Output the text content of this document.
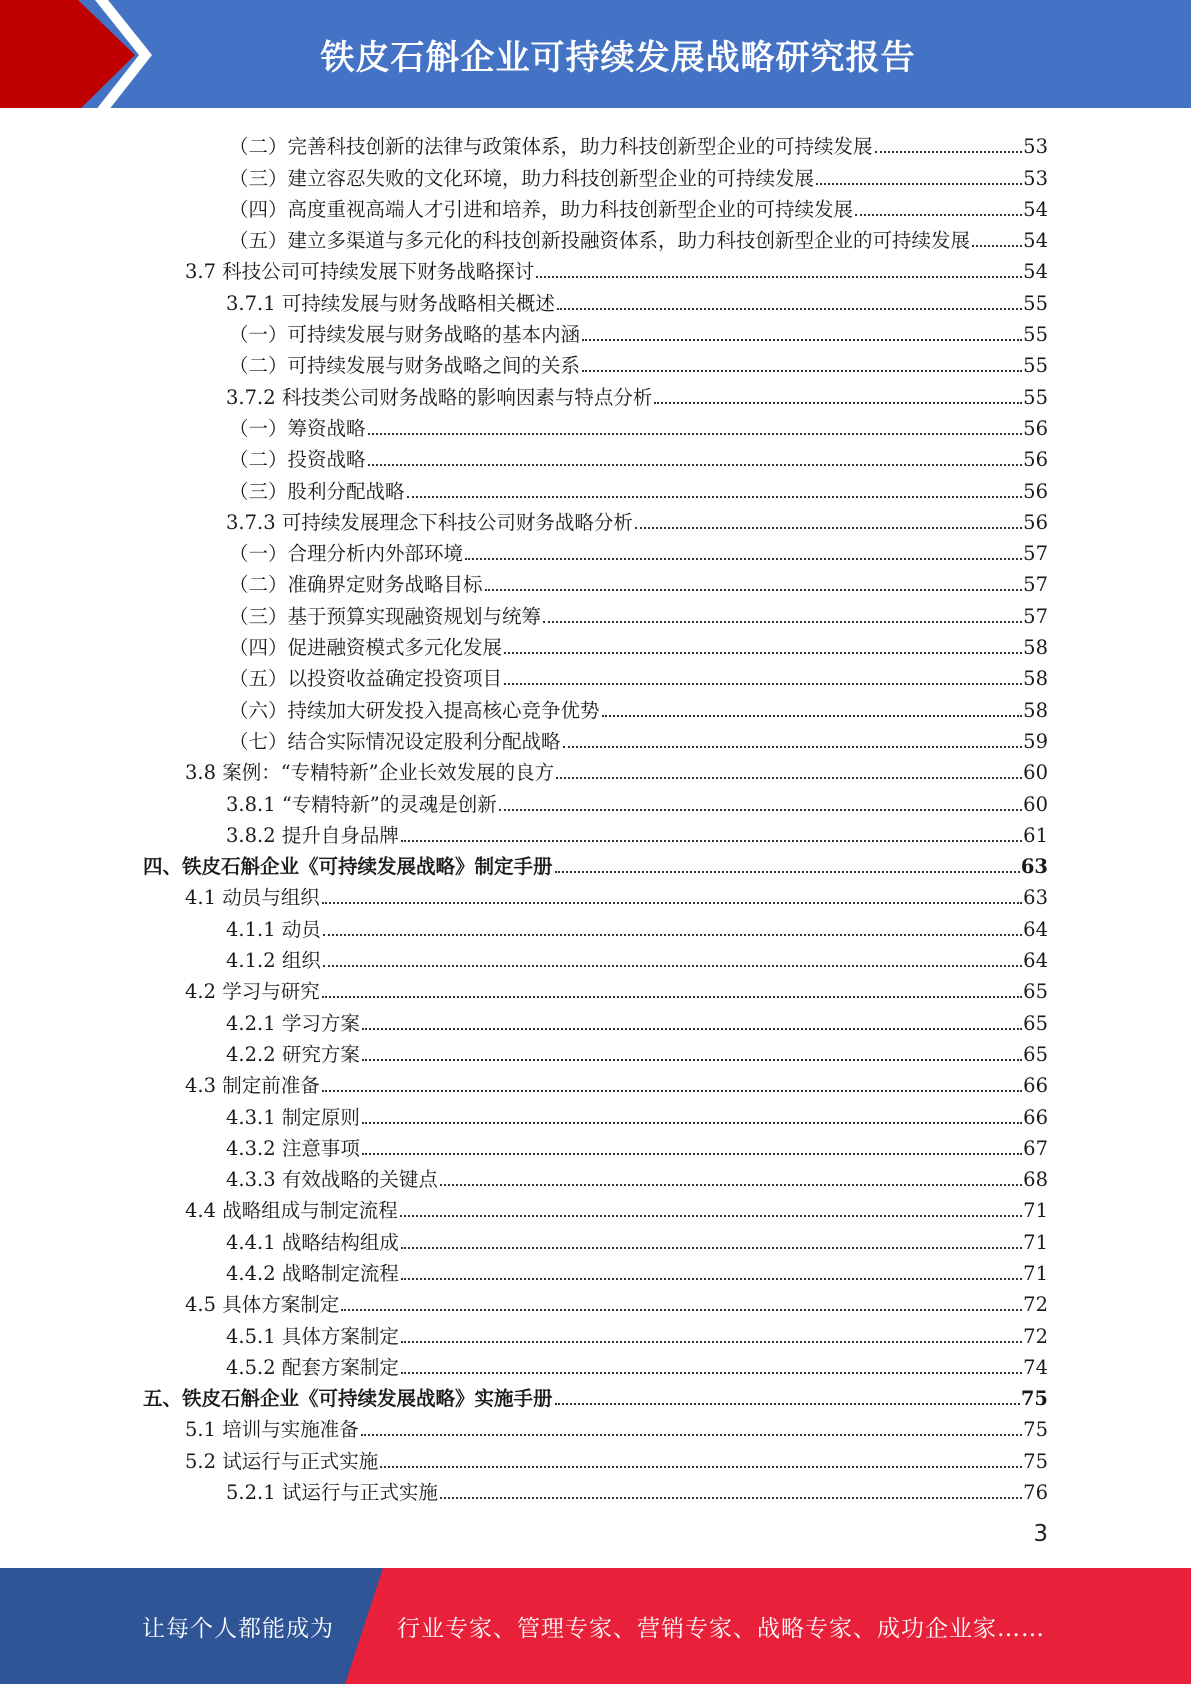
铁皮石斛企业可持续发展战略研究报告
（二）完善科技创新的法律与政策体系，助力科技创新型企业的可持续发展	53
（三）建立容忍失败的文化环境，助力科技创新型企业的可持续发展	53
（四）高度重视高端人才引进和培养，助力科技创新型企业的可持续发展	54
（五）建立多渠道与多元化的科技创新投融资体系，助力科技创新型企业的可持续发展	54
3.7 科技公司可持续发展下财务战略探讨	54
3.7.1 可持续发展与财务战略相关概述	55
（一）可持续发展与财务战略的基本内涵	55
（二）可持续发展与财务战略之间的关系	55
3.7.2 科技类公司财务战略的影响因素与特点分析	55
（一）筹资战略	56
（二）投资战略	56
（三）股利分配战略	56
3.7.3 可持续发展理念下科技公司财务战略分析	56
（一）合理分析内外部环境	57
（二）准确界定财务战略目标	57
（三）基于预算实现融资规划与统筹	57
（四）促进融资模式多元化发展	58
（五）以投资收益确定投资项目	58
（六）持续加大研发投入提高核心竞争优势	58
（七）结合实际情况设定股利分配战略	59
3.8 案例：“专精特新”企业长效发展的良方	60
3.8.1 “专精特新”的灵魂是创新	60
3.8.2 提升自身品牌	61
四、铁皮石斛企业《可持续发展战略》制定手册	63
4.1 动员与组织	63
4.1.1 动员	64
4.1.2 组织	64
4.2 学习与研究	65
4.2.1 学习方案	65
4.2.2 研究方案	65
4.3 制定前准备	66
4.3.1 制定原则	66
4.3.2 注意事项	67
4.3.3 有效战略的关键点	68
4.4 战略组成与制定流程	71
4.4.1 战略结构组成	71
4.4.2 战略制定流程	71
4.5 具体方案制定	72
4.5.1 具体方案制定	72
4.5.2 配套方案制定	74
五、铁皮石斛企业《可持续发展战略》实施手册	75
5.1 培训与实施准备	75
5.2 试运行与正式实施	75
5.2.1 试运行与正式实施	76
3
让每个人都能成为	行业专家、管理专家、营销专家、战略专家、成功企业家……
